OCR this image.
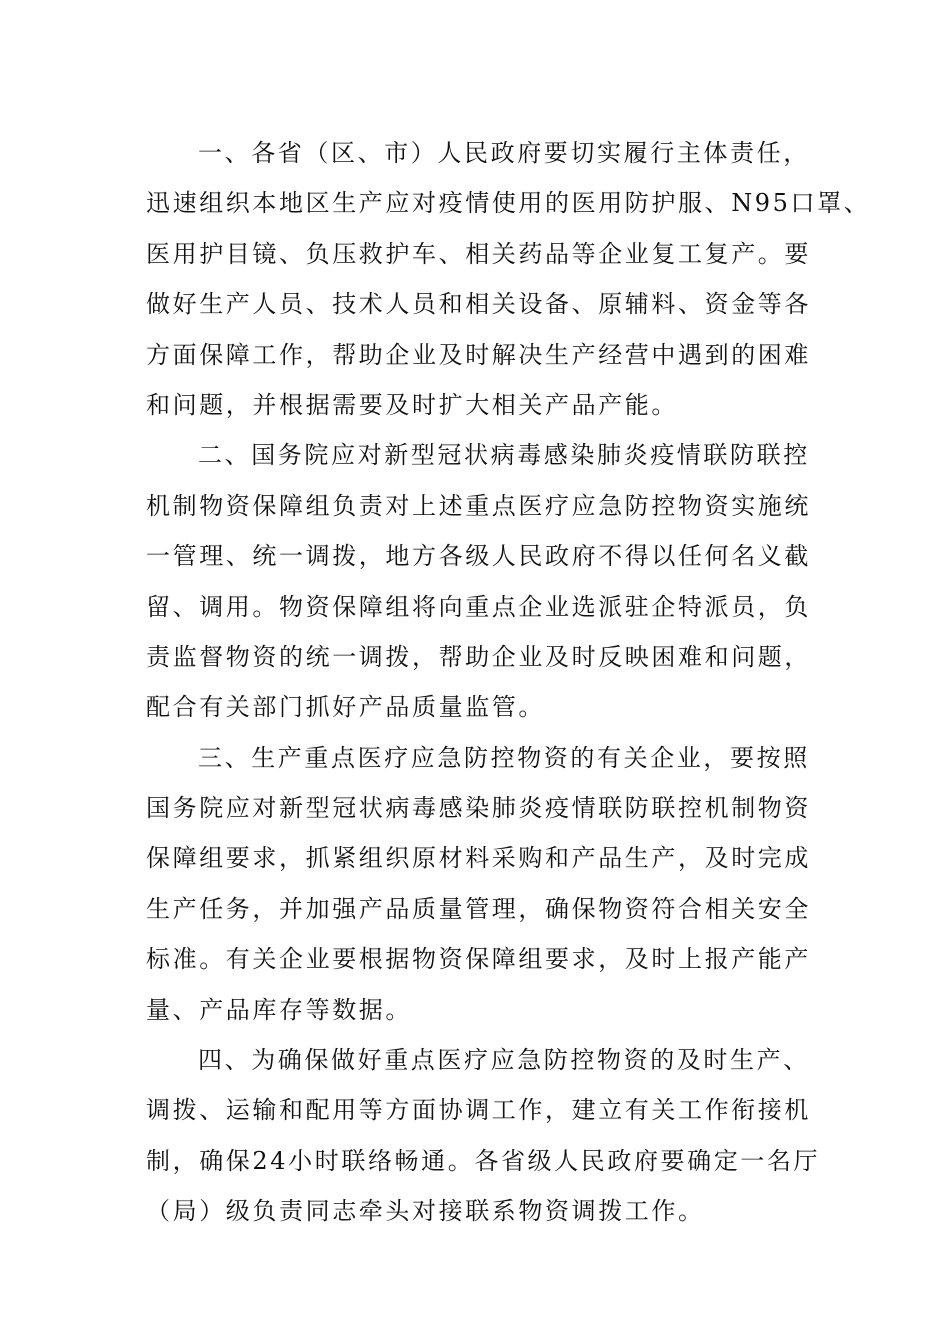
一、各省（区、市）人民政府要切实履行主体责任，
迅速组织本地区生产应对疫情使用的医用防护服、N95口罩、
医用护目镜、负压救护车、相关药品等企业复工复产。要
做好生产人员、技术人员和相关设备、原辅料、资金等各
方面保障工作，帮助企业及时解决生产经营中遇到的困难
和问题，并根据需要及时扩大相关产品产能。
二、国务院应对新型冠状病毒感染肺炎疫情联防联控
机制物资保障组负责对上述重点医疗应急防控物资实施统
一管理、统一调拨，地方各级人民政府不得以任何名义截
留、调用。物资保障组将向重点企业选派驻企特派员，负
责监督物资的统一调拨，帮助企业及时反映困难和问题，
配合有关部门抓好产品质量监管。
三、生产重点医疗应急防控物资的有关企业，要按照
国务院应对新型冠状病毒感染肺炎疫情联防联控机制物资
保障组要求，抓紧组织原材料采购和产品生产，及时完成
生产任务，并加强产品质量管理，确保物资符合相关安全
标准。有关企业要根据物资保障组要求，及时上报产能产
量、产品库存等数据。
四、为确保做好重点医疗应急防控物资的及时生产、
调拨、运输和配用等方面协调工作，建立有关工作衔接机
制，确保24小时联络畅通。各省级人民政府要确定一名厅
（局）级负责同志牵头对接联系物资调拨工作。
